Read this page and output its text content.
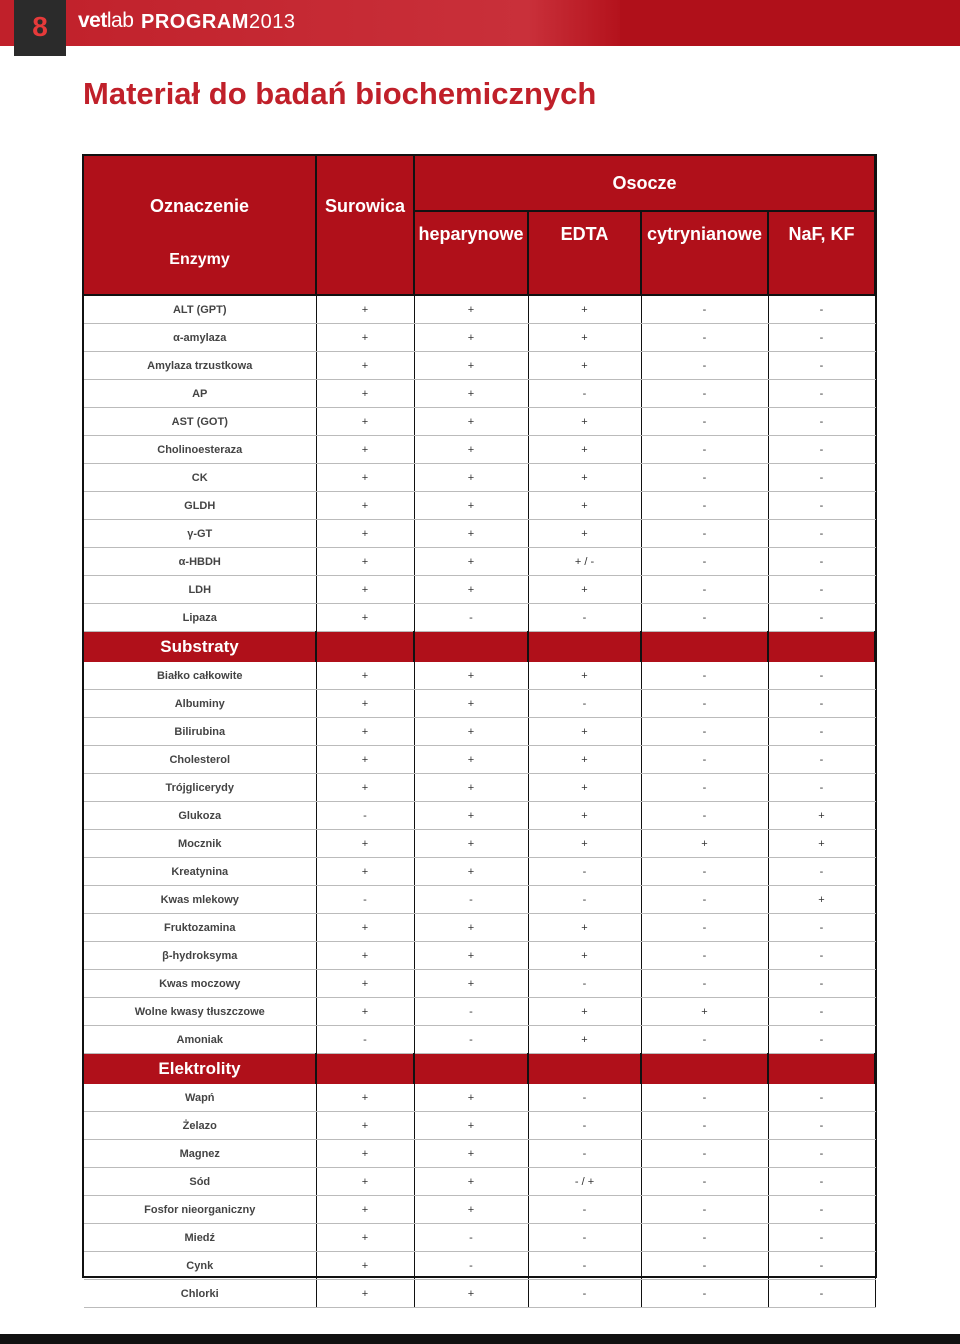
8	vetlab PROGRAM2013
Materiał do badań biochemicznych
Oznaczenie
Enzymy	Surowica	Osocze			
		heparynowe	EDTA	cytrynianowe	NaF, KF
ALT (GPT)	+	+	+	-	-
α-amylaza	+	+	+	-	-
Amylaza trzustkowa	+	+	+	-	-
AP	+	+	-	-	-
AST (GOT)	+	+	+	-	-
Cholinoesteraza	+	+	+	-	-
CK	+	+	+	-	-
GLDH	+	+	+	-	-
γ-GT	+	+	+	-	-
α-HBDH	+	+	+ / -	-	-
LDH	+	+	+	-	-
Lipaza	+	-	-	-	-
Substraty					
Białko całkowite	+	+	+	-	-
Albuminy	+	+	-	-	-
Bilirubina	+	+	+	-	-
Cholesterol	+	+	+	-	-
Trójglicerydy	+	+	+	-	-
Glukoza	-	+	+	-	+
Mocznik	+	+	+	+	+
Kreatynina	+	+	-	-	-
Kwas mlekowy	-	-	-	-	+
Fruktozamina	+	+	+	-	-
β-hydroksyma	+	+	+	-	-
Kwas moczowy	+	+	-	-	-
Wolne kwasy tłuszczowe	+	-	+	+	-
Amoniak	-	-	+	-	-
Elektrolity					
Wapń	+	+	-	-	-
Żelazo	+	+	-	-	-
Magnez	+	+	-	-	-
Sód	+	+	- / +	-	-
Fosfor nieorganiczny	+	+	-	-	-
Miedź	+	-	-	-	-
Cynk	+	-	-	-	-
Chlorki	+	+	-	-	-
